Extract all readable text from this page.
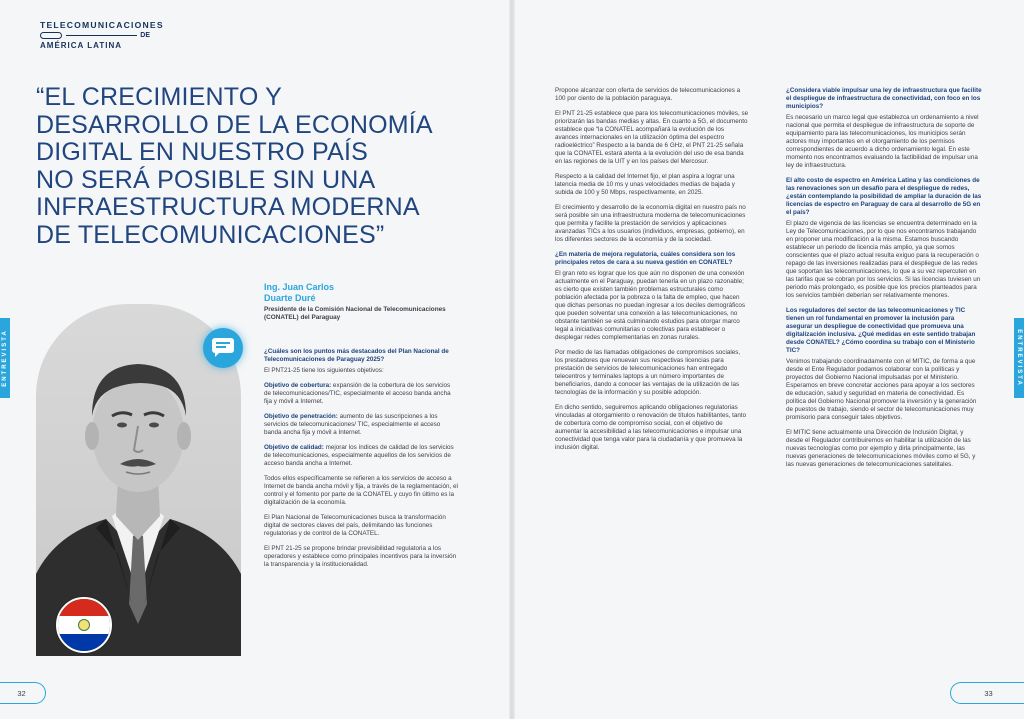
TELECOMUNICACIONES
DE
AMÉRICA LATINA
“EL CRECIMIENTO Y
DESARROLLO DE LA ECONOMÍA
DIGITAL EN NUESTRO PAÍS
NO SERÁ POSIBLE SIN UNA
INFRAESTRUCTURA MODERNA
DE TELECOMUNICACIONES”
ENTREVISTA	ENTREVISTA
Ing. Juan Carlos
Duarte Duré
Presidente de la Comisión Nacional de Telecomunicaciones (CONATEL) del Paraguay
¿Cuáles son los puntos más destacados del Plan Nacional de Telecomunicaciones de Paraguay 2025?

El PNT21-25 tiene los siguientes objetivos:

Objetivo de cobertura: expansión de la cobertura de los servicios de telecomunicaciones/TIC, especialmente el acceso banda ancha fija y móvil a Internet.

Objetivo de penetración: aumento de las suscripciones a los servicios de telecomunicaciones/ TIC, especialmente el acceso banda ancha fija y móvil a Internet.

Objetivo de calidad: mejorar los índices de calidad de los servicios de telecomunicaciones, especialmente aquellos de los servicios de acceso banda ancha a Internet.

Todos ellos específicamente se refieren a los servicios de acceso a Internet de banda ancha móvil y fija, a través de la reglamentación, el control y el fomento por parte de la CONATEL y cuyo fin último es la digitalización de la economía.

El Plan Nacional de Telecomunicaciones busca la transformación digital de sectores claves del país, delimitando las funciones regulatorias y de control de la CONATEL.

El PNT 21-25 se propone brindar previsibilidad regulatoria a los operadores y establece como principales incentivos para la inversión la transparencia y la institucionalidad.

Propone alcanzar con oferta de servicios de telecomunicaciones a 100 por ciento de la población paraguaya.

El PNT 21-25 establece que para los telecomunicaciones móviles, se priorizarán las bandas medias y altas. En cuanto a 5G, el documento establece que “la CONATEL acompañará la evolución de los avances internacionales en la utilización óptima del espectro radioeléctrico” Respecto a la banda de 6 GHz, el PNT 21-25 señala que la CONATEL estará atenta a la evolución del uso de esa banda en las regiones de la UIT y en los países del Mercosur.

Respecto a la calidad del Internet fijo, el plan aspira a lograr una latencia media de 10 ms y unas velocidades medias de bajada y subida de 100 y 50 Mbps, respectivamente, en 2025.

El crecimiento y desarrollo de la economía digital en nuestro país no será posible sin una infraestructura moderna de telecomunicaciones que permita y facilite la prestación de servicios y aplicaciones avanzadas TICs a los usuarios (individuos, empresas, gobierno), en los diferentes sectores de la economía y de la sociedad.

¿En materia de mejora regulatoria, cuáles considera son los principales retos de cara a su nueva gestión en CONATEL?

El gran reto es lograr que los que aún no disponen de una conexión actualmente en el Paraguay, puedan tenerla en un plazo razonable; es cierto que existen también problemas estructurales como población afectada por la pobreza o la falta de empleo, que hacen que dichas personas no puedan ingresar a los deciles demográficos que pueden solventar una conexión a las telecomunicaciones, no obstante también se está culminando estudios para otorgar marco legal a iniciativas comunitarias o colectivas para establecer o desplegar redes complementarias en zonas rurales.

Por medio de las llamadas obligaciones de compromisos sociales, los prestadores que renuevan sus respectivas licencias para prestación de servicios de telecomunicaciones han entregado telecentros y terminales laptops a un número importantes de beneficiarios, dando a conocer las ventajas de la utilización de las tecnologías de la información y su posible adopción.

En dicho sentido, seguiremos aplicando obligaciones regulatorias vinculadas al otorgamiento o renovación de títulos habilitantes, tanto de cobertura como de compromiso social, con el objetivo de aumentar la accesibilidad a las telecomunicaciones e impulsar una conectividad que tenga valor para la ciudadanía y que promueva la inclusión digital.

¿Considera viable impulsar una ley de infraestructura que facilite el despliegue de infraestructura de conectividad, con foco en los municipios?

Es necesario un marco legal que establezca un ordenamiento a nivel nacional que permita el despliegue de infraestructura de soporte de equipamiento para las telecomunicaciones, los municipios serán actores muy importantes en el otorgamiento de los permisos correspondientes de acuerdo a dicho ordenamiento legal. En este momento nos encontramos evaluando la factibilidad de impulsar una ley de infraestructura.

El alto costo de espectro en América Latina y las condiciones de las renovaciones son un desafío para el despliegue de redes, ¿están contemplando la posibilidad de ampliar la duración de las licencias de espectro en Paraguay de cara al desarrollo de 5G en el país?

El plazo de vigencia de las licencias se encuentra determinado en la Ley de Telecomunicaciones, por lo que nos encontramos trabajando en proponer una modificación a la misma. Estamos buscando establecer un periodo de licencia más amplio, ya que somos conscientes que el plazo actual resulta exiguo para la recuperación o repago de las inversiones realizadas para el despliegue de las redes que soportan las telecomunicaciones, lo que a su vez repercuten en las tarifas que se cobran por los servicios. Si las licencias tuviesen un periodo más prolongado, es posible que los precios planteados para los servicios también deberían ser relativamente menores.

Los reguladores del sector de las telecomunicaciones y TIC tienen un rol fundamental en promover la inclusión para asegurar un despliegue de conectividad que promueva una digitalización inclusiva. ¿Qué medidas en este sentido trabajan desde CONATEL? ¿Cómo coordina su trabajo con el Ministerio TIC?

Venimos trabajando coordinadamente con el MITIC, de forma a que desde el Ente Regulador podamos colaborar con la políticas y proyectos del Gobierno Nacional impulsadas por el Ministerio. Esperamos en breve concretar acciones para apoyar a los sectores de educación, salud y seguridad en materia de conectividad. Es política del Gobierno Nacional promover la inversión y la generación de puestos de trabajo, siendo el sector de telecomunicaciones muy promisorio para conseguir tales objetivos.

El MITIC tiene actualmente una Dirección de Inclusión Digital, y desde el Regulador contribuiremos en habilitar la utilización de las nuevas tecnologías como por ejemplo y dirla principalmente, las nuevas generaciones de telecomunicaciones móviles como el 5G, y las nuevas generaciones de telecomunicaciones satelitales.

32	33
